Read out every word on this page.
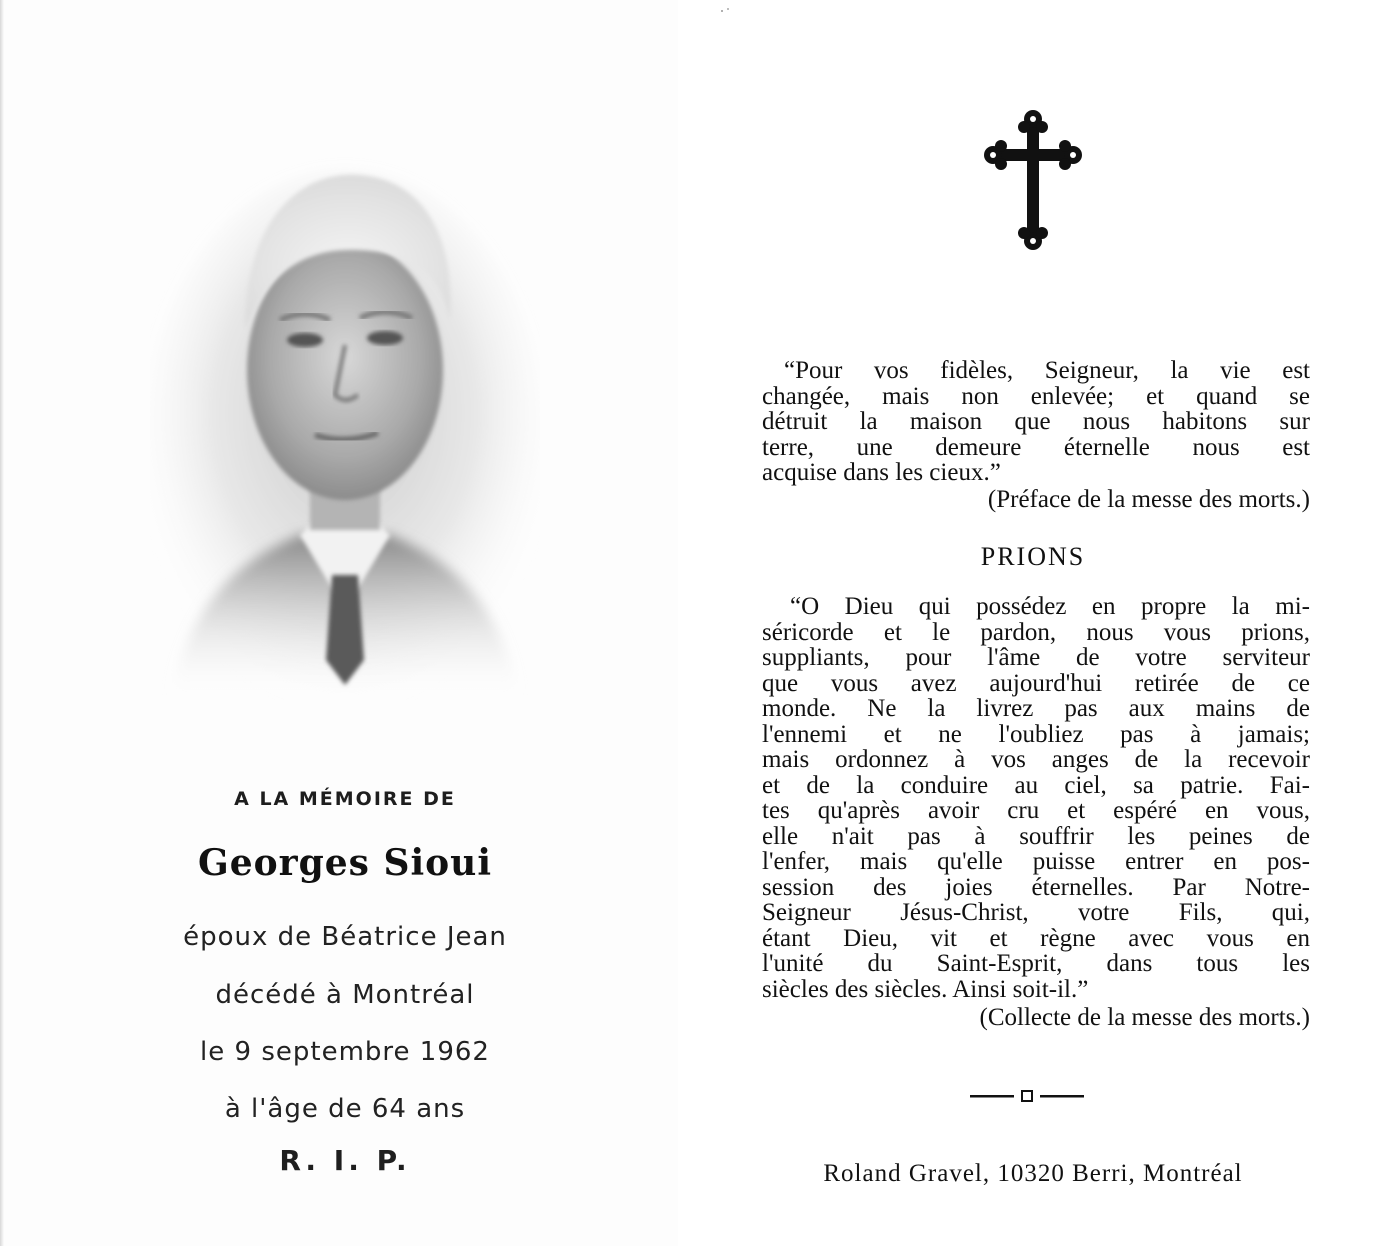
A LA MÉMOIRE DE
Georges Sioui
époux de Béatrice Jean
décédé à Montréal
le 9 septembre 1962
à l'âge de 64 ans
R. I. P.
“Pour vos fidèles, Seigneur, la vie est
changée, mais non enlevée; et quand se
détruit la maison que nous habitons sur
terre, une demeure éternelle nous est
acquise dans les cieux.”
(Préface de la messe des morts.)
PRIONS
“O Dieu qui possédez en propre la mi-
séricorde et le pardon, nous vous prions,
suppliants, pour l'âme de votre serviteur
que vous avez aujourd'hui retirée de ce
monde. Ne la livrez pas aux mains de
l'ennemi et ne l'oubliez pas à jamais;
mais ordonnez à vos anges de la recevoir
et de la conduire au ciel, sa patrie. Fai-
tes qu'après avoir cru et espéré en vous,
elle n'ait pas à souffrir les peines de
l'enfer, mais qu'elle puisse entrer en pos-
session des joies éternelles. Par Notre-
Seigneur Jésus-Christ, votre Fils, qui,
étant Dieu, vit et règne avec vous en
l'unité du Saint-Esprit, dans tous les
siècles des siècles. Ainsi soit-il.”
(Collecte de la messe des morts.)
Roland Gravel, 10320 Berri, Montréal
